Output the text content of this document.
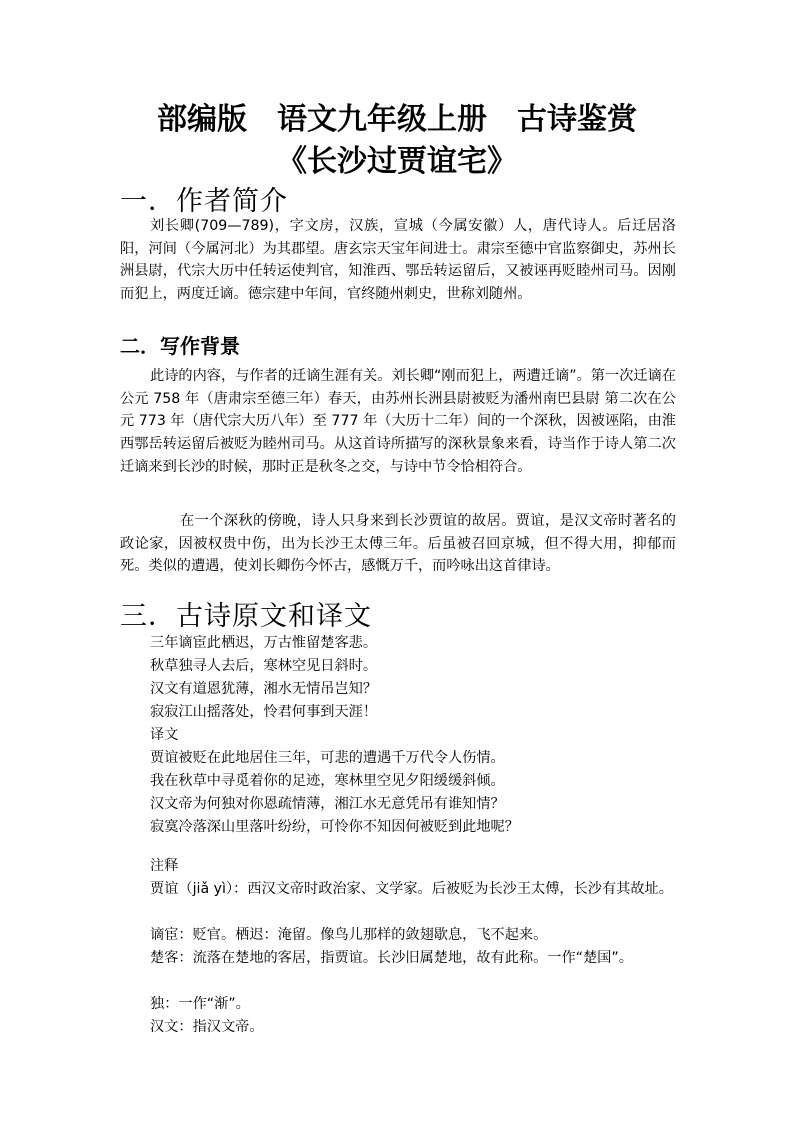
部编版　语文九年级上册　古诗鉴赏
《长沙过贾谊宅》
一．作者简介

刘长卿(709—789)，字文房，汉族，宣城（今属安徽）人，唐代诗人。后迁居洛阳，河间（今属河北）为其郡望。唐玄宗天宝年间进士。肃宗至德中官监察御史，苏州长洲县尉，代宗大历中任转运使判官，知淮西、鄂岳转运留后，又被诬再贬睦州司马。因刚而犯上，两度迁谪。德宗建中年间，官终随州刺史，世称刘随州。

二．写作背景

此诗的内容，与作者的迁谪生涯有关。刘长卿“刚而犯上，两遭迁谪”。第一次迁谪在公元 758 年（唐肃宗至德三年）春天，由苏州长洲县尉被贬为潘州南巴县尉 第二次在公元 773 年（唐代宗大历八年）至 777 年（大历十二年）间的一个深秋，因被诬陷，由淮西鄂岳转运留后被贬为睦州司马。从这首诗所描写的深秋景象来看，诗当作于诗人第二次迁谪来到长沙的时候，那时正是秋冬之交，与诗中节令恰相符合。

在一个深秋的傍晚，诗人只身来到长沙贾谊的故居。贾谊，是汉文帝时著名的政论家，因被权贵中伤，出为长沙王太傅三年。后虽被召回京城，但不得大用，抑郁而死。类似的遭遇，使刘长卿伤今怀古，感慨万千，而吟咏出这首律诗。

三．古诗原文和译文
三年谪宦此栖迟，万古惟留楚客悲。
秋草独寻人去后，寒林空见日斜时。
汉文有道恩犹薄，湘水无情吊岂知？
寂寂江山摇落处，怜君何事到天涯！
译文
贾谊被贬在此地居住三年，可悲的遭遇千万代令人伤情。
我在秋草中寻觅着你的足迹，寒林里空见夕阳缓缓斜倾。
汉文帝为何独对你恩疏情薄，湘江水无意凭吊有谁知情？
寂寞冷落深山里落叶纷纷，可怜你不知因何被贬到此地呢？
注释

贾谊（jiǎ yì）：西汉文帝时政治家、文学家。后被贬为长沙王太傅，长沙有其故址。

谪宦：贬官。栖迟：淹留。像鸟儿那样的敛翅歇息，飞不起来。

楚客：流落在楚地的客居，指贾谊。长沙旧属楚地，故有此称。一作“楚国”。

独：一作“渐”。

汉文：指汉文帝。
